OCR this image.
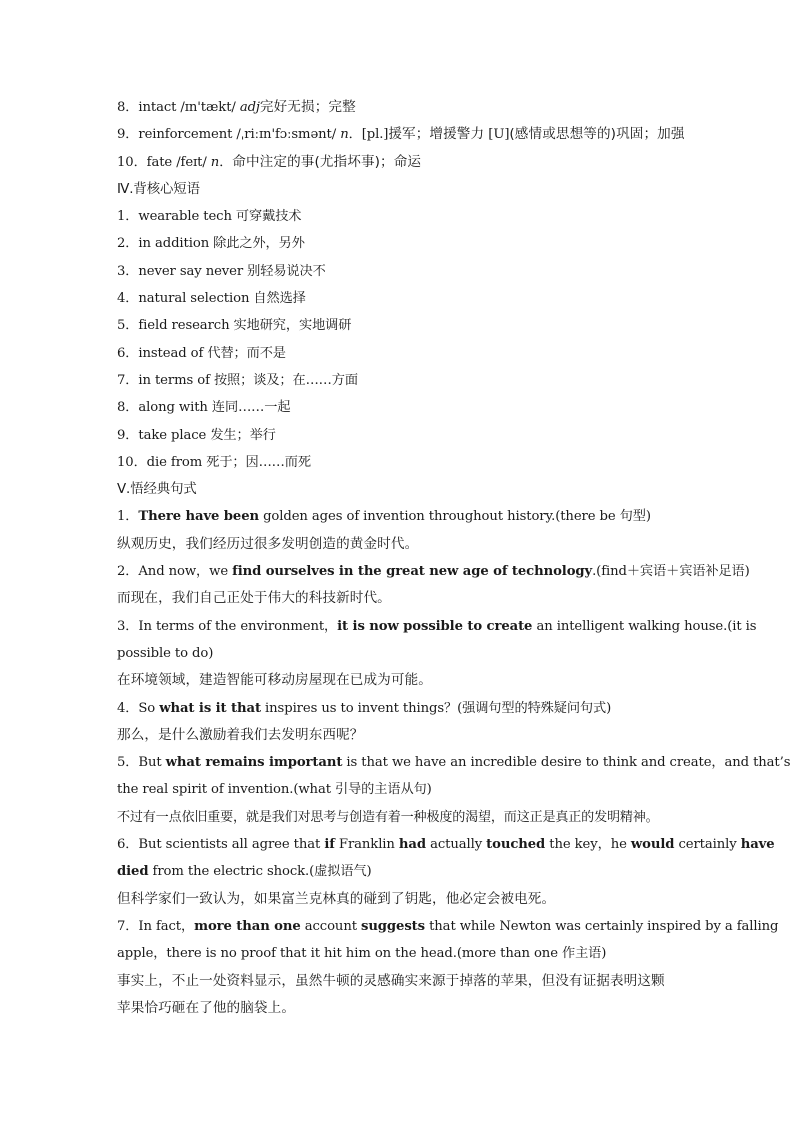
8．intact /ɪn'tækt/ adj完好无损；完整
9．reinforcement /ˌriːɪn'fɔːsmənt/ n．[pl.]援军；增援警力 [U](感情或思想等的)巩固；加强
10．fate /feɪt/ n．命中注定的事(尤指坏事)；命运
Ⅳ.背核心短语
1．wearable tech 可穿戴技术
2．in addition 除此之外，另外
3．never say never 别轻易说决不
4．natural selection 自然选择
5．field research 实地研究，实地调研
6．instead of 代替；而不是
7．in terms of 按照；谈及；在……方面
8．along with 连同……一起
9．take place 发生；举行
10．die from 死于；因……而死
Ⅴ.悟经典句式
1．There have been golden ages of invention throughout history.(there be 句型)
纵观历史，我们经历过很多发明创造的黄金时代。
2．And now，we find ourselves in the great new age of technology.(find＋宾语＋宾语补足语)
而现在，我们自己正处于伟大的科技新时代。
3．In terms of the environment，it is now possible to create an intelligent walking house.(it is
possible to do)
在环境领域，建造智能可移动房屋现在已成为可能。
4．So what is it that inspires us to invent things？(强调句型的特殊疑问句式)
那么，是什么激励着我们去发明东西呢？
5．But what remains important is that we have an incredible desire to think and create，and that’s
the real spirit of invention.(what 引导的主语从句)
不过有一点依旧重要，就是我们对思考与创造有着一种极度的渴望，而这正是真正的发明精神。
6．But scientists all agree that if Franklin had actually touched the key，he would certainly have
died from the electric shock.(虚拟语气)
但科学家们一致认为，如果富兰克林真的碰到了钥匙，他必定会被电死。
7．In fact，more than one account suggests that while Newton was certainly inspired by a falling
apple，there is no proof that it hit him on the head.(more than one 作主语)
事实上，不止一处资料显示，虽然牛顿的灵感确实来源于掉落的苹果，但没有证据表明这颗
苹果恰巧砸在了他的脑袋上。
